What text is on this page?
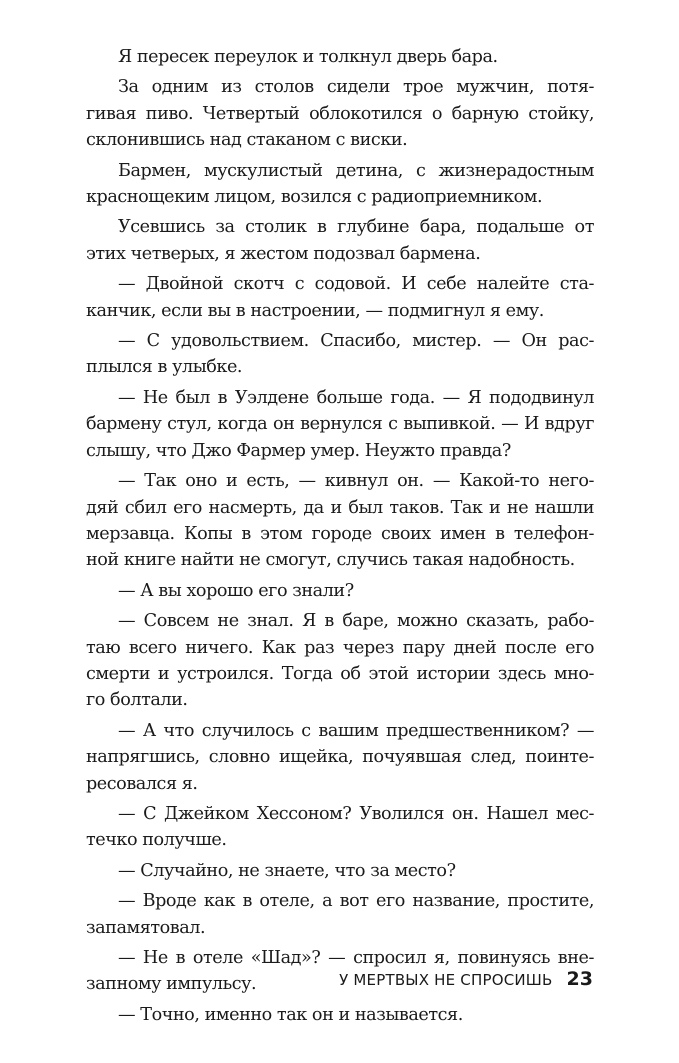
Я пересек переулок и толкнул дверь бара.
За одним из столов сидели трое мужчин, потя-
гивая пиво. Четвертый облокотился о барную стойку,
склонившись над стаканом с виски.
Бармен, мускулистый детина, с жизнерадостным
краснощеким лицом, возился с радиоприемником.
Усевшись за столик в глубине бара, подальше от
этих четверых, я жестом подозвал бармена.
— Двойной скотч с содовой. И себе налейте ста-
канчик, если вы в настроении, — подмигнул я ему.
— С удовольствием. Спасибо, мистер. — Он рас-
плылся в улыбке.
— Не был в Уэлдене больше года. — Я пододвинул
бармену стул, когда он вернулся с выпивкой. — И вдруг
слышу, что Джо Фармер умер. Неужто правда?
— Так оно и есть, — кивнул он. — Какой-то него-
дяй сбил его насмерть, да и был таков. Так и не нашли
мерзавца. Копы в этом городе своих имен в телефон-
ной книге найти не смогут, случись такая надобность.
— А вы хорошо его знали?
— Совсем не знал. Я в баре, можно сказать, рабо-
таю всего ничего. Как раз через пару дней после его
смерти и устроился. Тогда об этой истории здесь мно-
го болтали.
— А что случилось с вашим предшественником? —
напрягшись, словно ищейка, почуявшая след, поинте-
ресовался я.
— С Джейком Хессоном? Уволился он. Нашел мес-
течко получше.
— Случайно, не знаете, что за место?
— Вроде как в отеле, а вот его название, простите,
запамятовал.
— Не в отеле «Шад»? — спросил я, повинуясь вне-
запному импульсу.
— Точно, именно так он и называется.
У МЕРТВЫХ НЕ СПРОСИШЬ 23
